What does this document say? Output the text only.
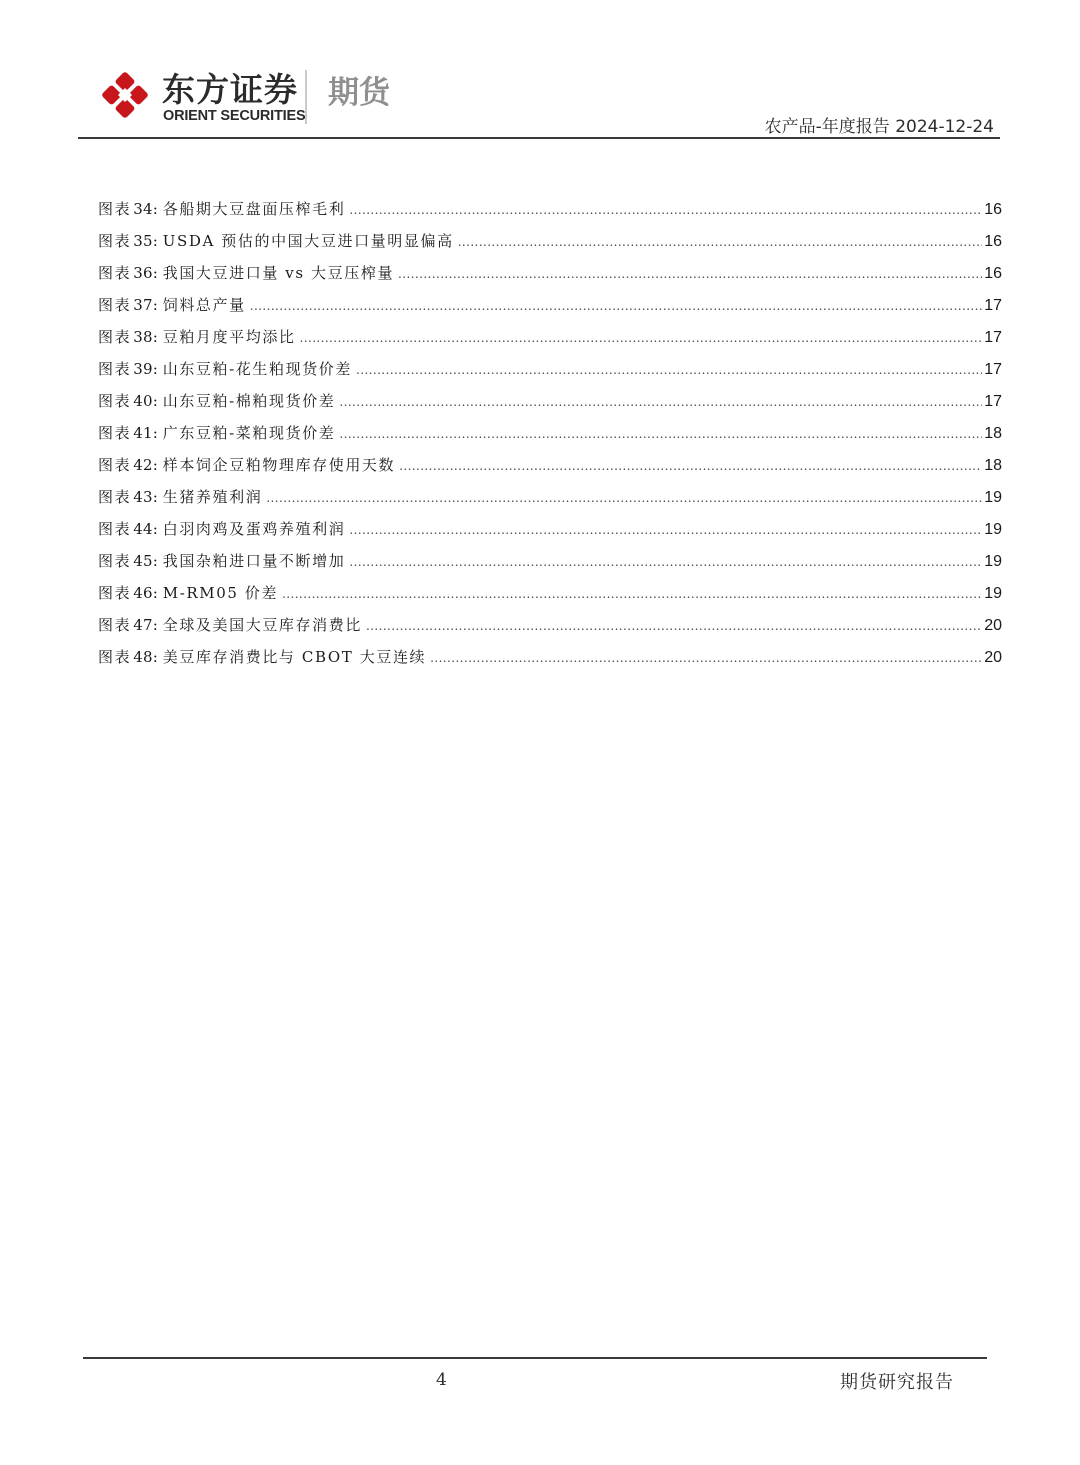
东方证券
ORIENT SECURITIES
期货
农产品-年度报告 2024-12-24
图表 34:
各船期大豆盘面压榨毛利 .....	16
图表 35:
USDA 预估的中国大豆进口量明显偏高 .....	16
图表 36:
我国大豆进口量 vs 大豆压榨量 .....	16
图表 37:
饲料总产量 .....	17
图表 38:
豆粕月度平均添比 .....	17
图表 39:
山东豆粕-花生粕现货价差 .....	17
图表 40:
山东豆粕-棉粕现货价差 .....	17
图表 41:
广东豆粕-菜粕现货价差 .....	18
图表 42:
样本饲企豆粕物理库存使用天数 .....	18
图表 43:
生猪养殖利润 .....	19
图表 44:
白羽肉鸡及蛋鸡养殖利润 .....	19
图表 45:
我国杂粕进口量不断增加 .....	19
图表 46:
M-RM05 价差 .....	19
图表 47:
全球及美国大豆库存消费比 .....	20
图表 48:
美豆库存消费比与 CBOT 大豆连续 .....	20
4	期货研究报告
